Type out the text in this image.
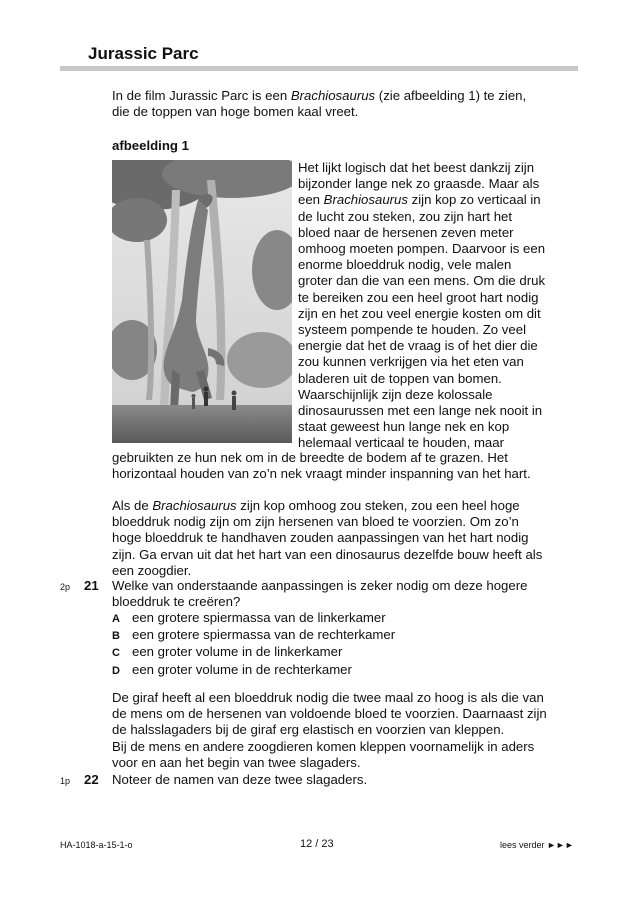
Jurassic Parc
In de film Jurassic Parc is een Brachiosaurus (zie afbeelding 1) te zien,
die de toppen van hoge bomen kaal vreet.
afbeelding 1
Het lijkt logisch dat het beest dankzij zijn
bijzonder lange nek zo graasde. Maar als
een Brachiosaurus zijn kop zo verticaal in
de lucht zou steken, zou zijn hart het
bloed naar de hersenen zeven meter
omhoog moeten pompen. Daarvoor is een
enorme bloeddruk nodig, vele malen
groter dan die van een mens. Om die druk
te bereiken zou een heel groot hart nodig
zijn en het zou veel energie kosten om dit
systeem pompende te houden. Zo veel
energie dat het de vraag is of het dier die
zou kunnen verkrijgen via het eten van
bladeren uit de toppen van bomen.
Waarschijnlijk zijn deze kolossale
dinosaurussen met een lange nek nooit in
staat geweest hun lange nek en kop
helemaal verticaal te houden, maar
gebruikten ze hun nek om in de breedte de bodem af te grazen. Het
horizontaal houden van zo’n nek vraagt minder inspanning van het hart.
Als de Brachiosaurus zijn kop omhoog zou steken, zou een heel hoge
bloeddruk nodig zijn om zijn hersenen van bloed te voorzien. Om zo’n
hoge bloeddruk te handhaven zouden aanpassingen van het hart nodig
zijn. Ga ervan uit dat het hart van een dinosaurus dezelfde bouw heeft als
een zoogdier.
2p 21 Welke van onderstaande aanpassingen is zeker nodig om deze hogere
bloeddruk te creëren?
A een grotere spiermassa van de linkerkamer
B een grotere spiermassa van de rechterkamer
C een groter volume in de linkerkamer
D een groter volume in de rechterkamer
De giraf heeft al een bloeddruk nodig die twee maal zo hoog is als die van
de mens om de hersenen van voldoende bloed te voorzien. Daarnaast zijn
de halsslagaders bij de giraf erg elastisch en voorzien van kleppen.
Bij de mens en andere zoogdieren komen kleppen voornamelijk in aders
voor en aan het begin van twee slagaders.
1p 22 Noteer de namen van deze twee slagaders.
HA-1018-a-15-1-o	12 / 23	lees verder ►►►
